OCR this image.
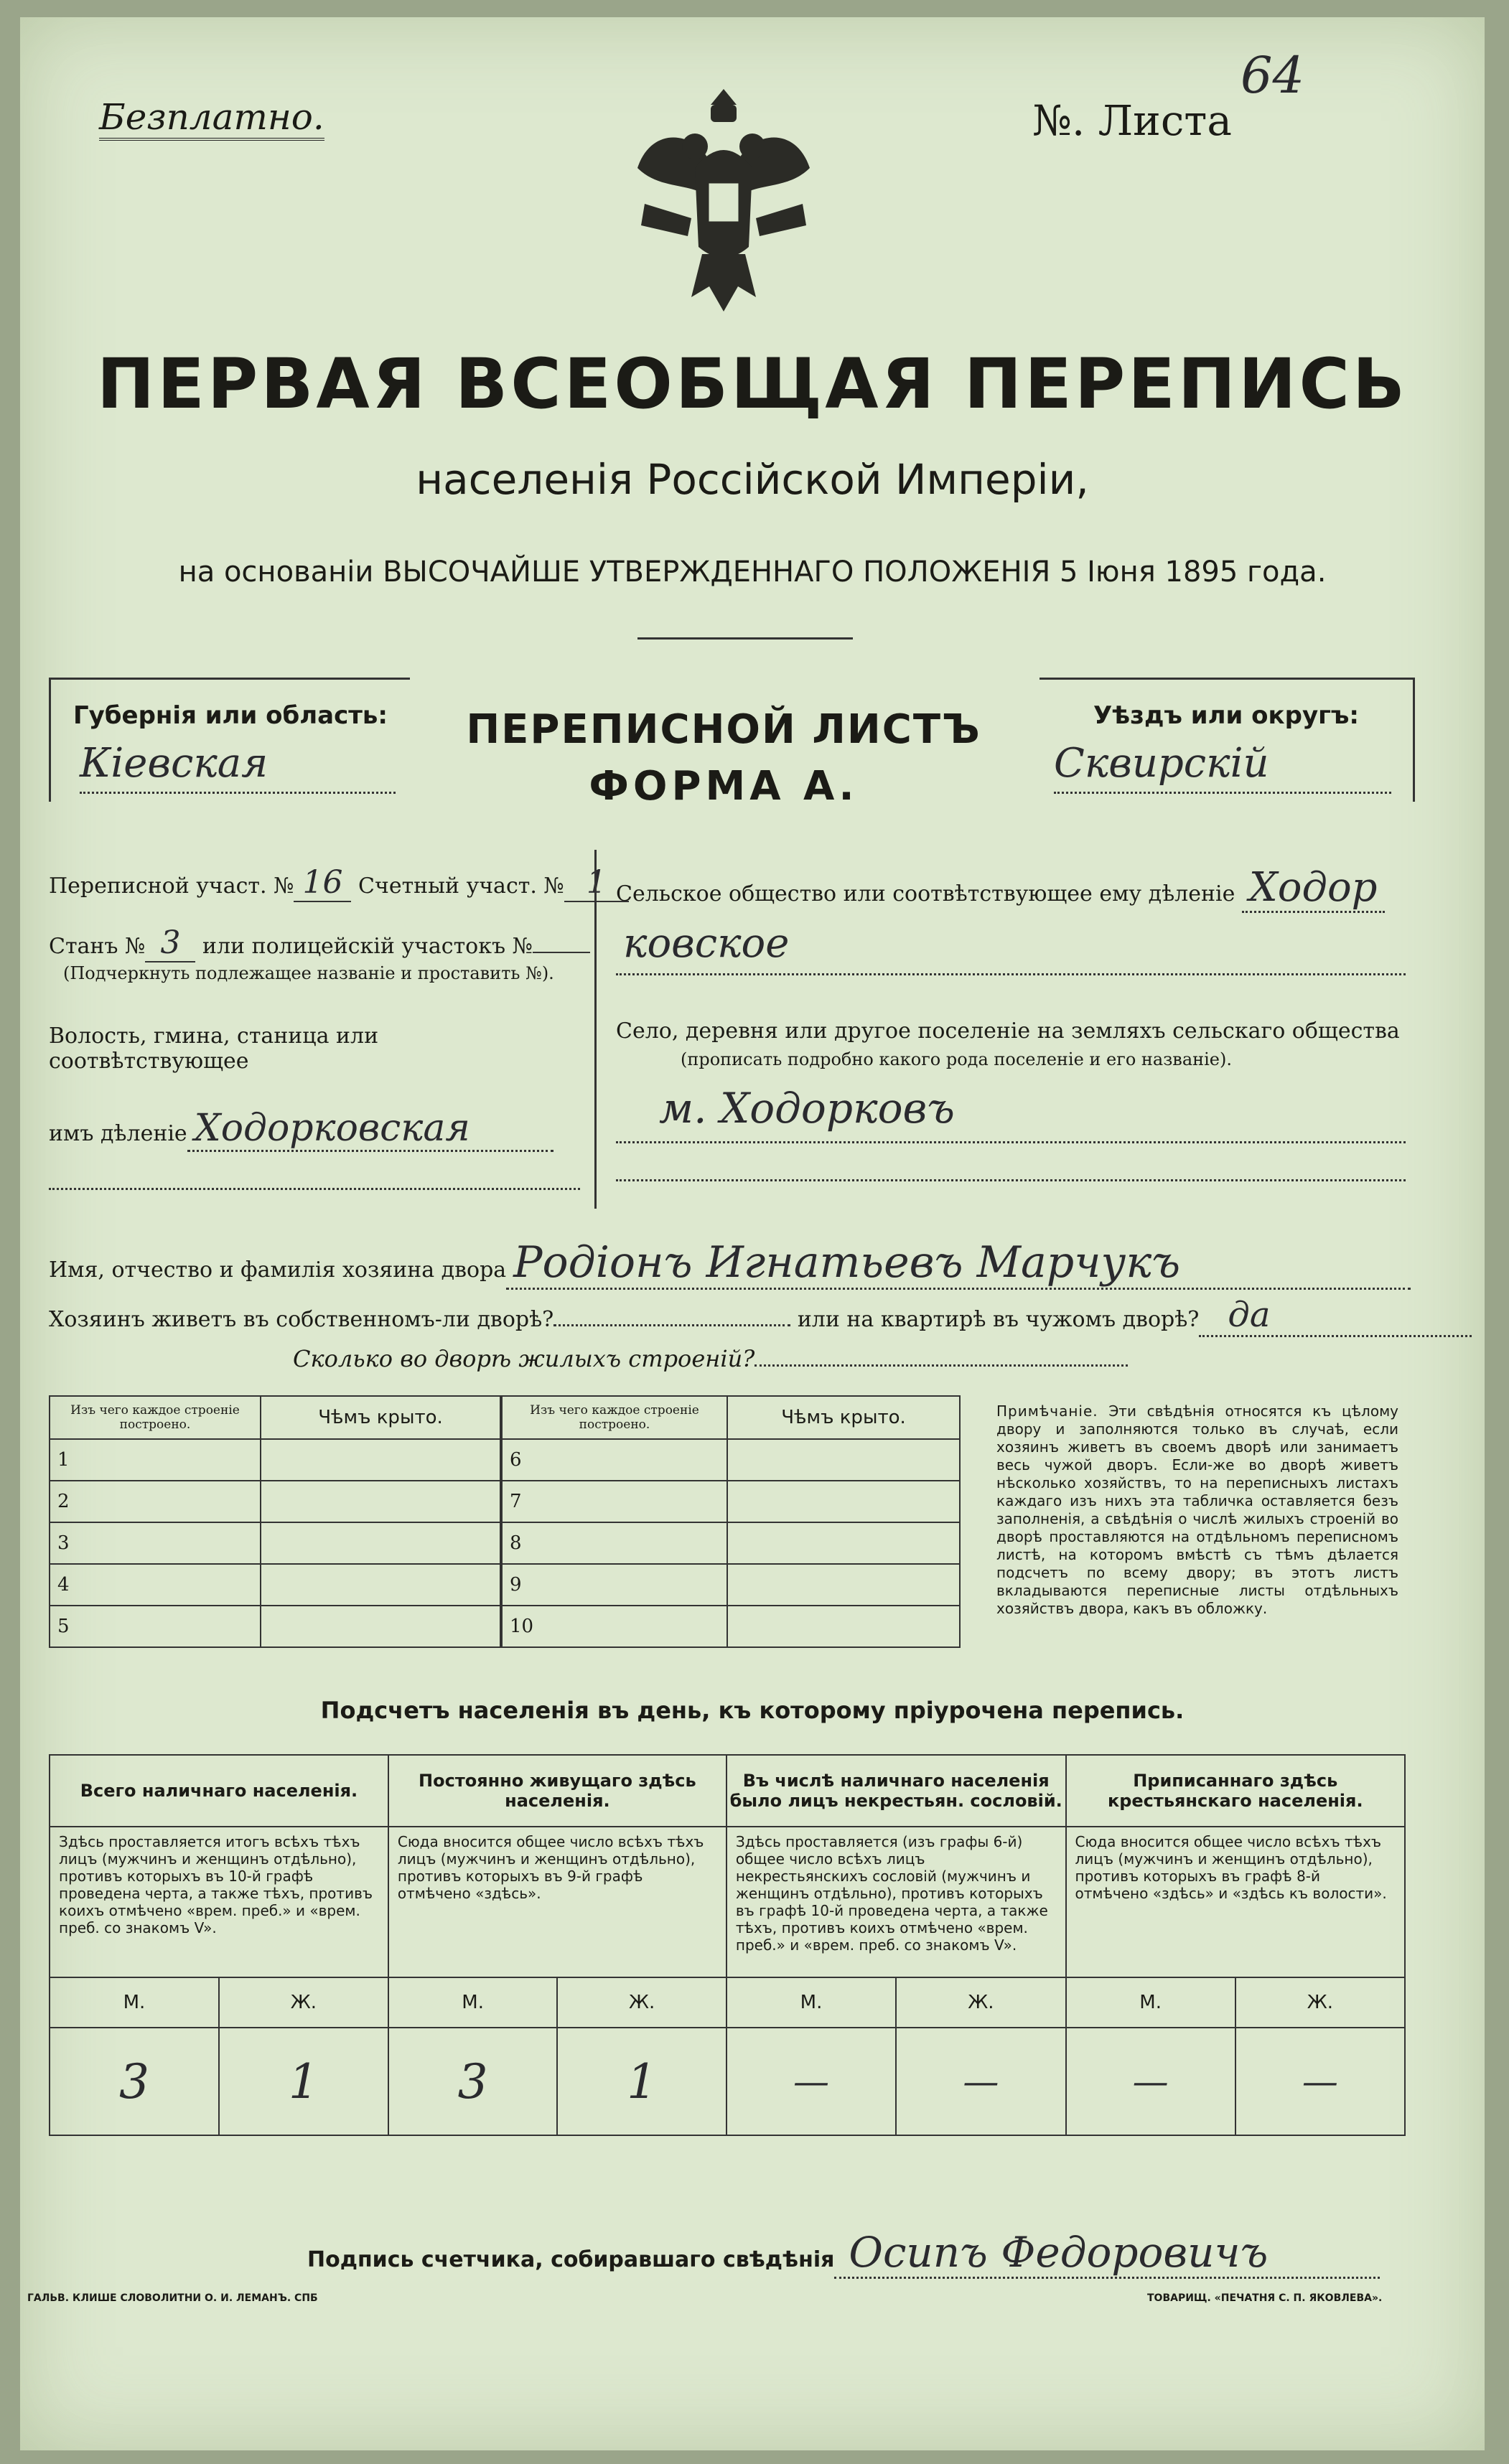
Безплатно.	№. Листа
64
ПЕРВАЯ ВСЕОБЩАЯ ПЕРЕПИСЬ
населенія Россійской Имперіи,
на основаніи ВЫСОЧАЙШЕ УТВЕРЖДЕННАГО ПОЛОЖЕНІЯ 5 Іюня 1895 года.
Губернія или область:
Кіевская
ПЕРЕПИСНОЙ ЛИСТЪ
ФОРМА А.
Уѣздъ или округъ:
Сквирскій
Переписной участ. № 16 Счетный участ. № 1
Станъ № 3 или полицейскій участокъ №
(Подчеркнуть подлежащее названіе и проставить №).
Волость, гмина, станица или соотвѣтствующее
имъ дѣленіе Ходорковская
Сельское общество или соотвѣтствующее ему дѣленіе Ходор
ковское
Село, деревня или другое поселеніе на земляхъ сельскаго общества
(прописать подробно какого рода поселеніе и его названіе).
м. Ходорковъ
Имя, отчество и фамилія хозяина двора Родіонъ Игнатьевъ Марчукъ
Хозяинъ живетъ въ собственномъ-ли дворѣ?	или на квартирѣ въ чужомъ дворѣ? да
Сколько во дворѣ жилыхъ строеній?
Изъ чего каждое строеніе построено.	Чѣмъ крыто.
1	
2	
3	
4	
5	
Изъ чего каждое строеніе построено.	Чѣмъ крыто.
6	
7	
8	
9	
10	
Примѣчаніе. Эти свѣдѣнія относятся къ цѣлому двору и заполняются только въ случаѣ, если хозяинъ живетъ въ своемъ дворѣ или занимаетъ весь чужой дворъ. Если-же во дворѣ живетъ нѣсколько хозяйствъ, то на переписныхъ листахъ каждаго изъ нихъ эта табличка оставляется безъ заполненія, а свѣдѣнія о числѣ жилыхъ строеній во дворѣ проставляются на отдѣльномъ переписномъ листѣ, на которомъ вмѣстѣ съ тѣмъ дѣлается подсчетъ по всему двору; въ этотъ листъ вкладываются переписные листы отдѣльныхъ хозяйствъ двора, какъ въ обложку.
Подсчетъ населенія въ день, къ которому пріурочена перепись.
Всего наличнаго населенія.		Постоянно живущаго здѣсь населенія.		Въ числѣ наличнаго населенія было лицъ некрестьян. сословій.		Приписаннаго здѣсь крестьянскаго населенія.	
Здѣсь проставляется итогъ всѣхъ тѣхъ лицъ (мужчинъ и женщинъ отдѣльно), противъ которыхъ въ 10-й графѣ проведена черта, а также тѣхъ, противъ коихъ отмѣчено «врем. преб.» и «врем. преб. со знакомъ V».		Сюда вносится общее число всѣхъ тѣхъ лицъ (мужчинъ и женщинъ отдѣльно), противъ которыхъ въ 9-й графѣ отмѣчено «здѣсь».		Здѣсь проставляется (изъ графы 6-й) общее число всѣхъ лицъ некрестьянскихъ сословій (мужчинъ и женщинъ отдѣльно), противъ которыхъ въ графѣ 10-й проведена черта, а также тѣхъ, противъ коихъ отмѣчено «врем. преб.» и «врем. преб. со знакомъ V».		Сюда вносится общее число всѣхъ тѣхъ лицъ (мужчинъ и женщинъ отдѣльно), противъ которыхъ въ графѣ 8-й отмѣчено «здѣсь» и «здѣсь къ волости».	
М.	Ж.	М.	Ж.	М.	Ж.	М.	Ж.
3	1	3	1	—	—	—	—
Подпись счетчика, собиравшаго свѣдѣнія Осипъ Федоровичъ
ГАЛЬВ. КЛИШЕ СЛОВОЛИТНИ О. И. ЛЕМАНЪ. СПБ	ТОВАРИЩ. «ПЕЧАТНЯ С. П. ЯКОВЛЕВА».
